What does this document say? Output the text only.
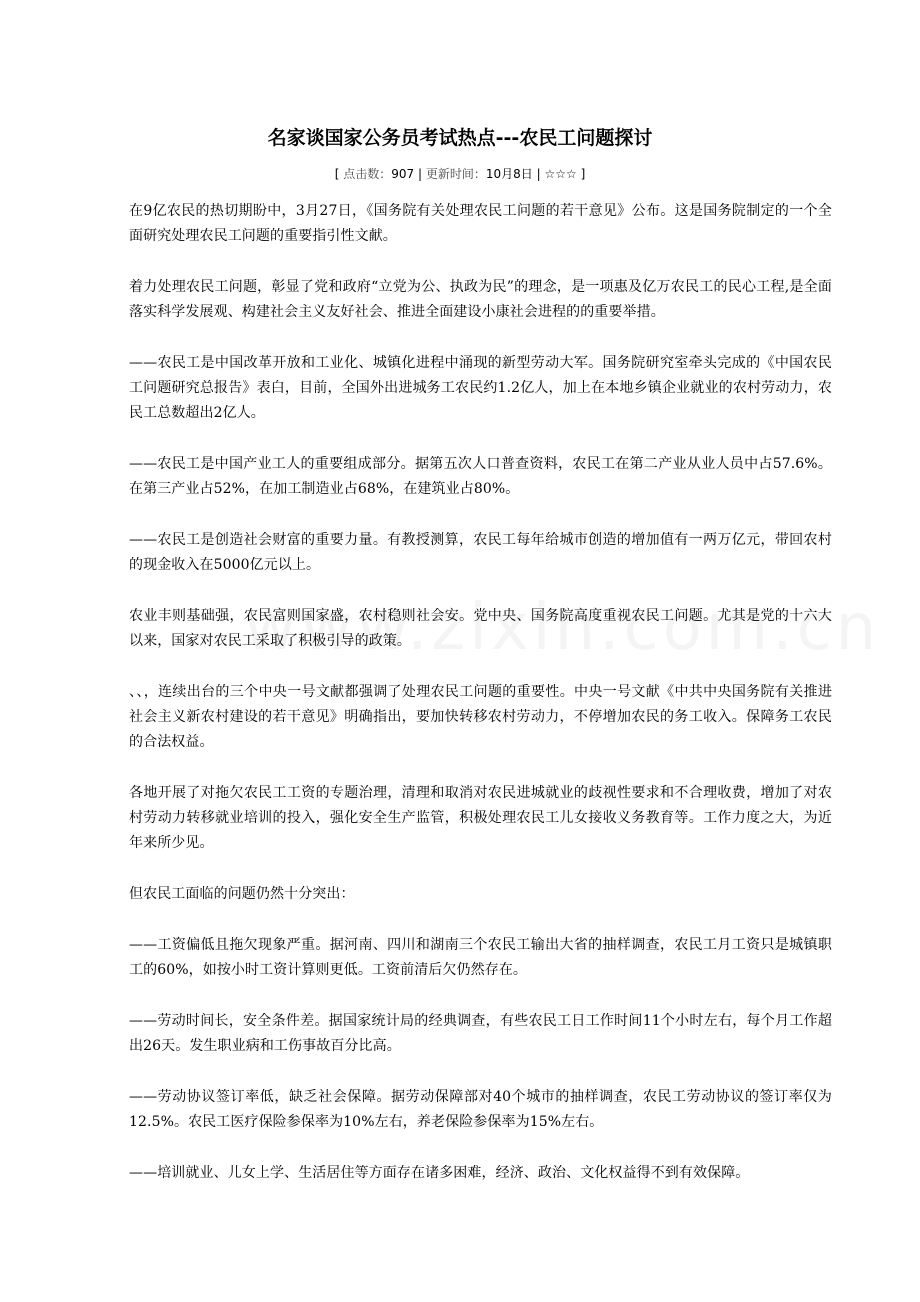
名家谈国家公务员考试热点---农民工问题探讨
[ 点击数：907 | 更新时间：10月8日 | ☆☆☆ ]

在9亿农民的热切期盼中，3月27日，《国务院有关处理农民工问题的若干意见》公布。这是国务院制定的一个全面研究处理农民工问题的重要指引性文献。

着力处理农民工问题，彰显了党和政府“立党为公、执政为民”的理念，是一项惠及亿万农民工的民心工程,是全面落实科学发展观、构建社会主义友好社会、推进全面建设小康社会进程的的重要举措。

——农民工是中国改革开放和工业化、城镇化进程中涌现的新型劳动大军。国务院研究室牵头完成的《中国农民工问题研究总报告》表白，目前，全国外出进城务工农民约1.2亿人，加上在本地乡镇企业就业的农村劳动力，农民工总数超出2亿人。

——农民工是中国产业工人的重要组成部分。据第五次人口普查资料，农民工在第二产业从业人员中占57.6%。在第三产业占52%，在加工制造业占68%，在建筑业占80%。

——农民工是创造社会财富的重要力量。有教授测算，农民工每年给城市创造的增加值有一两万亿元，带回农村的现金收入在5000亿元以上。

农业丰则基础强，农民富则国家盛，农村稳则社会安。党中央、国务院高度重视农民工问题。尤其是党的十六大以来，国家对农民工采取了积极引导的政策。

、、，连续出台的三个中央一号文献都强调了处理农民工问题的重要性。中央一号文献《中共中央国务院有关推进社会主义新农村建设的若干意见》明确指出，要加快转移农村劳动力，不停增加农民的务工收入。保障务工农民的合法权益。

各地开展了对拖欠农民工工资的专题治理，清理和取消对农民进城就业的歧视性要求和不合理收费，增加了对农村劳动力转移就业培训的投入，强化安全生产监管，积极处理农民工儿女接收义务教育等。工作力度之大，为近年来所少见。

但农民工面临的问题仍然十分突出：

——工资偏低且拖欠现象严重。据河南、四川和湖南三个农民工输出大省的抽样调查，农民工月工资只是城镇职工的60%，如按小时工资计算则更低。工资前清后欠仍然存在。

——劳动时间长，安全条件差。据国家统计局的经典调查，有些农民工日工作时间11个小时左右，每个月工作超出26天。发生职业病和工伤事故百分比高。

——劳动协议签订率低，缺乏社会保障。据劳动保障部对40个城市的抽样调查，农民工劳动协议的签订率仅为12.5%。农民工医疗保险参保率为10%左右，养老保险参保率为15%左右。

——培训就业、儿女上学、生活居住等方面存在诸多困难，经济、政治、文化权益得不到有效保障。
